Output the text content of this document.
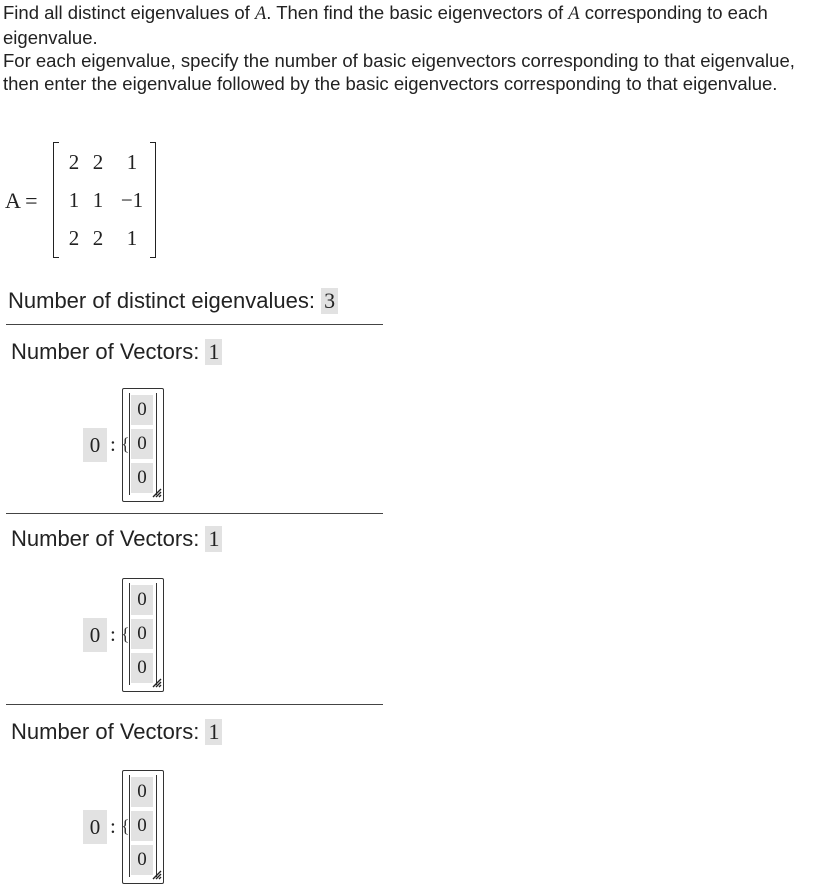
Find all distinct eigenvalues of A. Then find the basic eigenvectors of A corresponding to each eigenvalue.

For each eigenvalue, specify the number of basic eigenvectors corresponding to that eigenvalue, then enter the eigenvalue followed by the basic eigenvectors corresponding to that eigenvalue.

A =
2 2	1
1 1 −1
2 2	1
Number of distinct eigenvalues: 3
Number of Vectors: 1
0 : {
0
0
0
Number of Vectors: 1
0 : {
0
0
0
Number of Vectors: 1
0 : {
0
0
0
